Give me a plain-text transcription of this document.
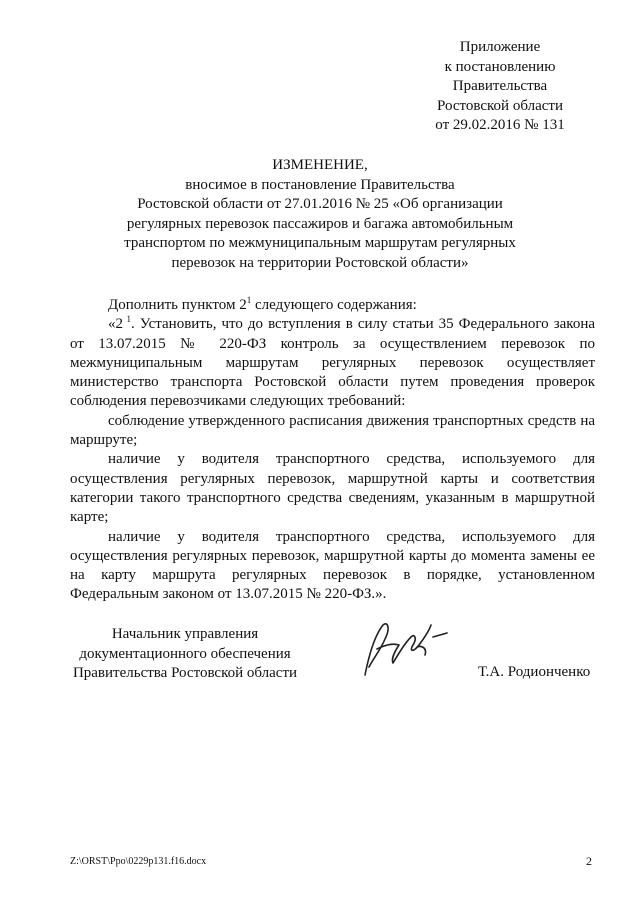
Приложение
к постановлению
Правительства
Ростовской области
от 29.02.2016 № 131
ИЗМЕНЕНИЕ,
вносимое в постановление Правительства
Ростовской области от 27.01.2016 № 25 «Об организации
регулярных перевозок пассажиров и багажа автомобильным
транспортом по межмуниципальным маршрутам регулярных
перевозок на территории Ростовской области»

Дополнить пунктом $2^1$ следующего содержания:

«2 $^1$. Установить, что до вступления в силу статьи 35 Федерального закона от 13.07.2015 № 220-ФЗ контроль за осуществлением перевозок по межмуниципальным маршрутам регулярных перевозок осуществляет министерство транспорта Ростовской области путем проведения проверок соблюдения перевозчиками следующих требований:

соблюдение утвержденного расписания движения транспортных средств на маршруте;

наличие у водителя транспортного средства, используемого для осуществления регулярных перевозок, маршрутной карты и соответствия категории такого транспортного средства сведениям, указанным в маршрутной карте;

наличие у водителя транспортного средства, используемого для осуществления регулярных перевозок, маршрутной карты до момента замены ее на карту маршрута регулярных перевозок в порядке, установленном Федеральным законом от 13.07.2015 № 220-ФЗ.».

Начальник управления
документационного обеспечения
Правительства Ростовской области	Т.А. Родионченко
Z:\ORST\Ppo\0229p131.f16.docx	2
